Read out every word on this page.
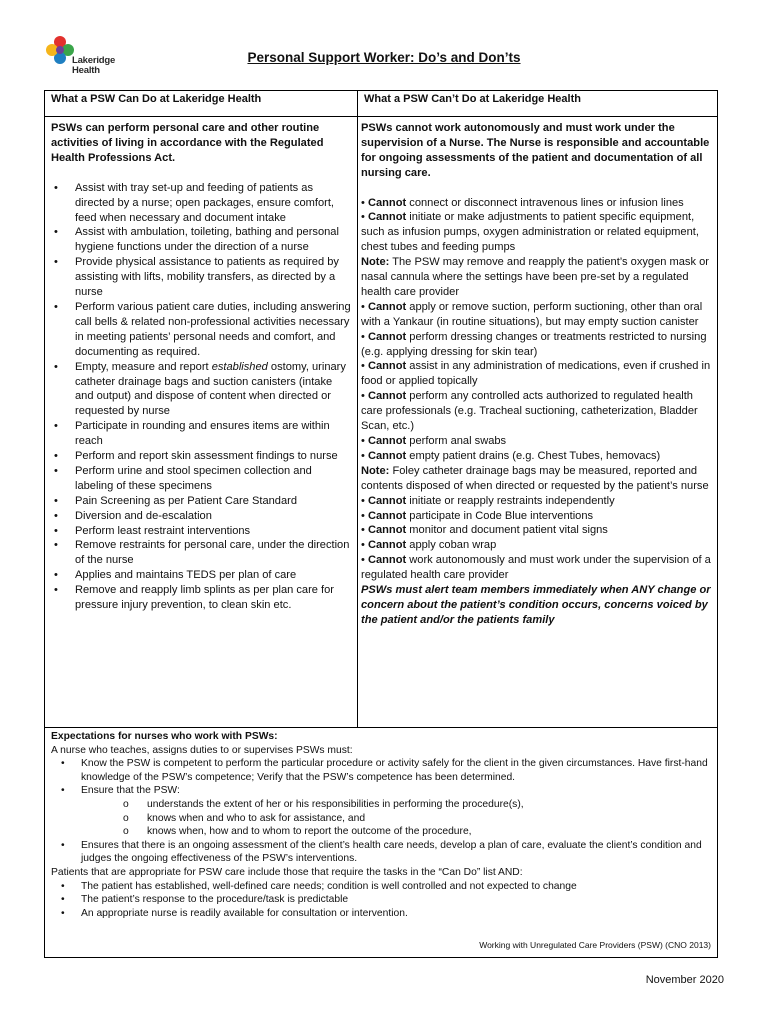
Lakeridge
Health
Personal Support Worker: Do’s and Don’ts
What a PSW Can Do at Lakeridge Health	What a PSW Can’t Do at Lakeridge Health

PSWs can perform personal care and other routine activities of living in accordance with the Regulated Health Professions Act.

• Assist with tray set-up and feeding of patients as directed by a nurse; open packages, ensure comfort, feed when necessary and document intake
• Assist with ambulation, toileting, bathing and personal hygiene functions under the direction of a nurse
• Provide physical assistance to patients as required by assisting with lifts, mobility transfers, as directed by a nurse
• Perform various patient care duties, including answering call bells & related non-professional activities necessary in meeting patients’ personal needs and comfort, and documenting as required.
• Empty, measure and report established ostomy, urinary catheter drainage bags and suction canisters (intake and output) and dispose of content when directed or requested by nurse
• Participate in rounding and ensures items are within reach
• Perform and report skin assessment findings to nurse
• Perform urine and stool specimen collection and labeling of these specimens
• Pain Screening as per Patient Care Standard
• Diversion and de-escalation
• Perform least restraint interventions
• Remove restraints for personal care, under the direction of the nurse
• Applies and maintains TEDS per plan of care
• Remove and reapply limb splints as per plan care for pressure injury prevention, to clean skin etc.

PSWs cannot work autonomously and must work under the supervision of a Nurse. The Nurse is responsible and accountable for ongoing assessments of the patient and documentation of all nursing care.

• Cannot connect or disconnect intravenous lines or infusion lines
• Cannot initiate or make adjustments to patient specific equipment, such as infusion pumps, oxygen administration or related equipment, chest tubes and feeding pumps
Note: The PSW may remove and reapply the patient’s oxygen mask or nasal cannula where the settings have been pre-set by a regulated health care provider
• Cannot apply or remove suction, perform suctioning, other than oral with a Yankaur (in routine situations), but may empty suction canister
• Cannot perform dressing changes or treatments restricted to nursing (e.g. applying dressing for skin tear)
• Cannot assist in any administration of medications, even if crushed in food or applied topically
• Cannot perform any controlled acts authorized to regulated health care professionals (e.g. Tracheal suctioning, catheterization, Bladder Scan, etc.)
• Cannot perform anal swabs
• Cannot empty patient drains (e.g. Chest Tubes, hemovacs)
Note: Foley catheter drainage bags may be measured, reported and contents disposed of when directed or requested by the patient’s nurse
• Cannot initiate or reapply restraints independently
• Cannot participate in Code Blue interventions
• Cannot monitor and document patient vital signs
• Cannot apply coban wrap
• Cannot work autonomously and must work under the supervision of a regulated health care provider
PSWs must alert team members immediately when ANY change or concern about the patient’s condition occurs, concerns voiced by the patient and/or the patients family
Expectations for nurses who work with PSWs:
A nurse who teaches, assigns duties to or supervises PSWs must:
• Know the PSW is competent to perform the particular procedure or activity safely for the client in the given circumstances. Have first-hand knowledge of the PSW’s competence; Verify that the PSW’s competence has been determined.
• Ensure that the PSW:
o understands the extent of her or his responsibilities in performing the procedure(s),
o knows when and who to ask for assistance, and
o knows when, how and to whom to report the outcome of the procedure,
• Ensures that there is an ongoing assessment of the client’s health care needs, develop a plan of care, evaluate the client’s condition and judges the ongoing effectiveness of the PSW’s interventions.
Patients that are appropriate for PSW care include those that require the tasks in the “Can Do” list AND:
• The patient has established, well-defined care needs; condition is well controlled and not expected to change
• The patient’s response to the procedure/task is predictable
• An appropriate nurse is readily available for consultation or intervention.
Working with Unregulated Care Providers (PSW) (CNO 2013)
November 2020
